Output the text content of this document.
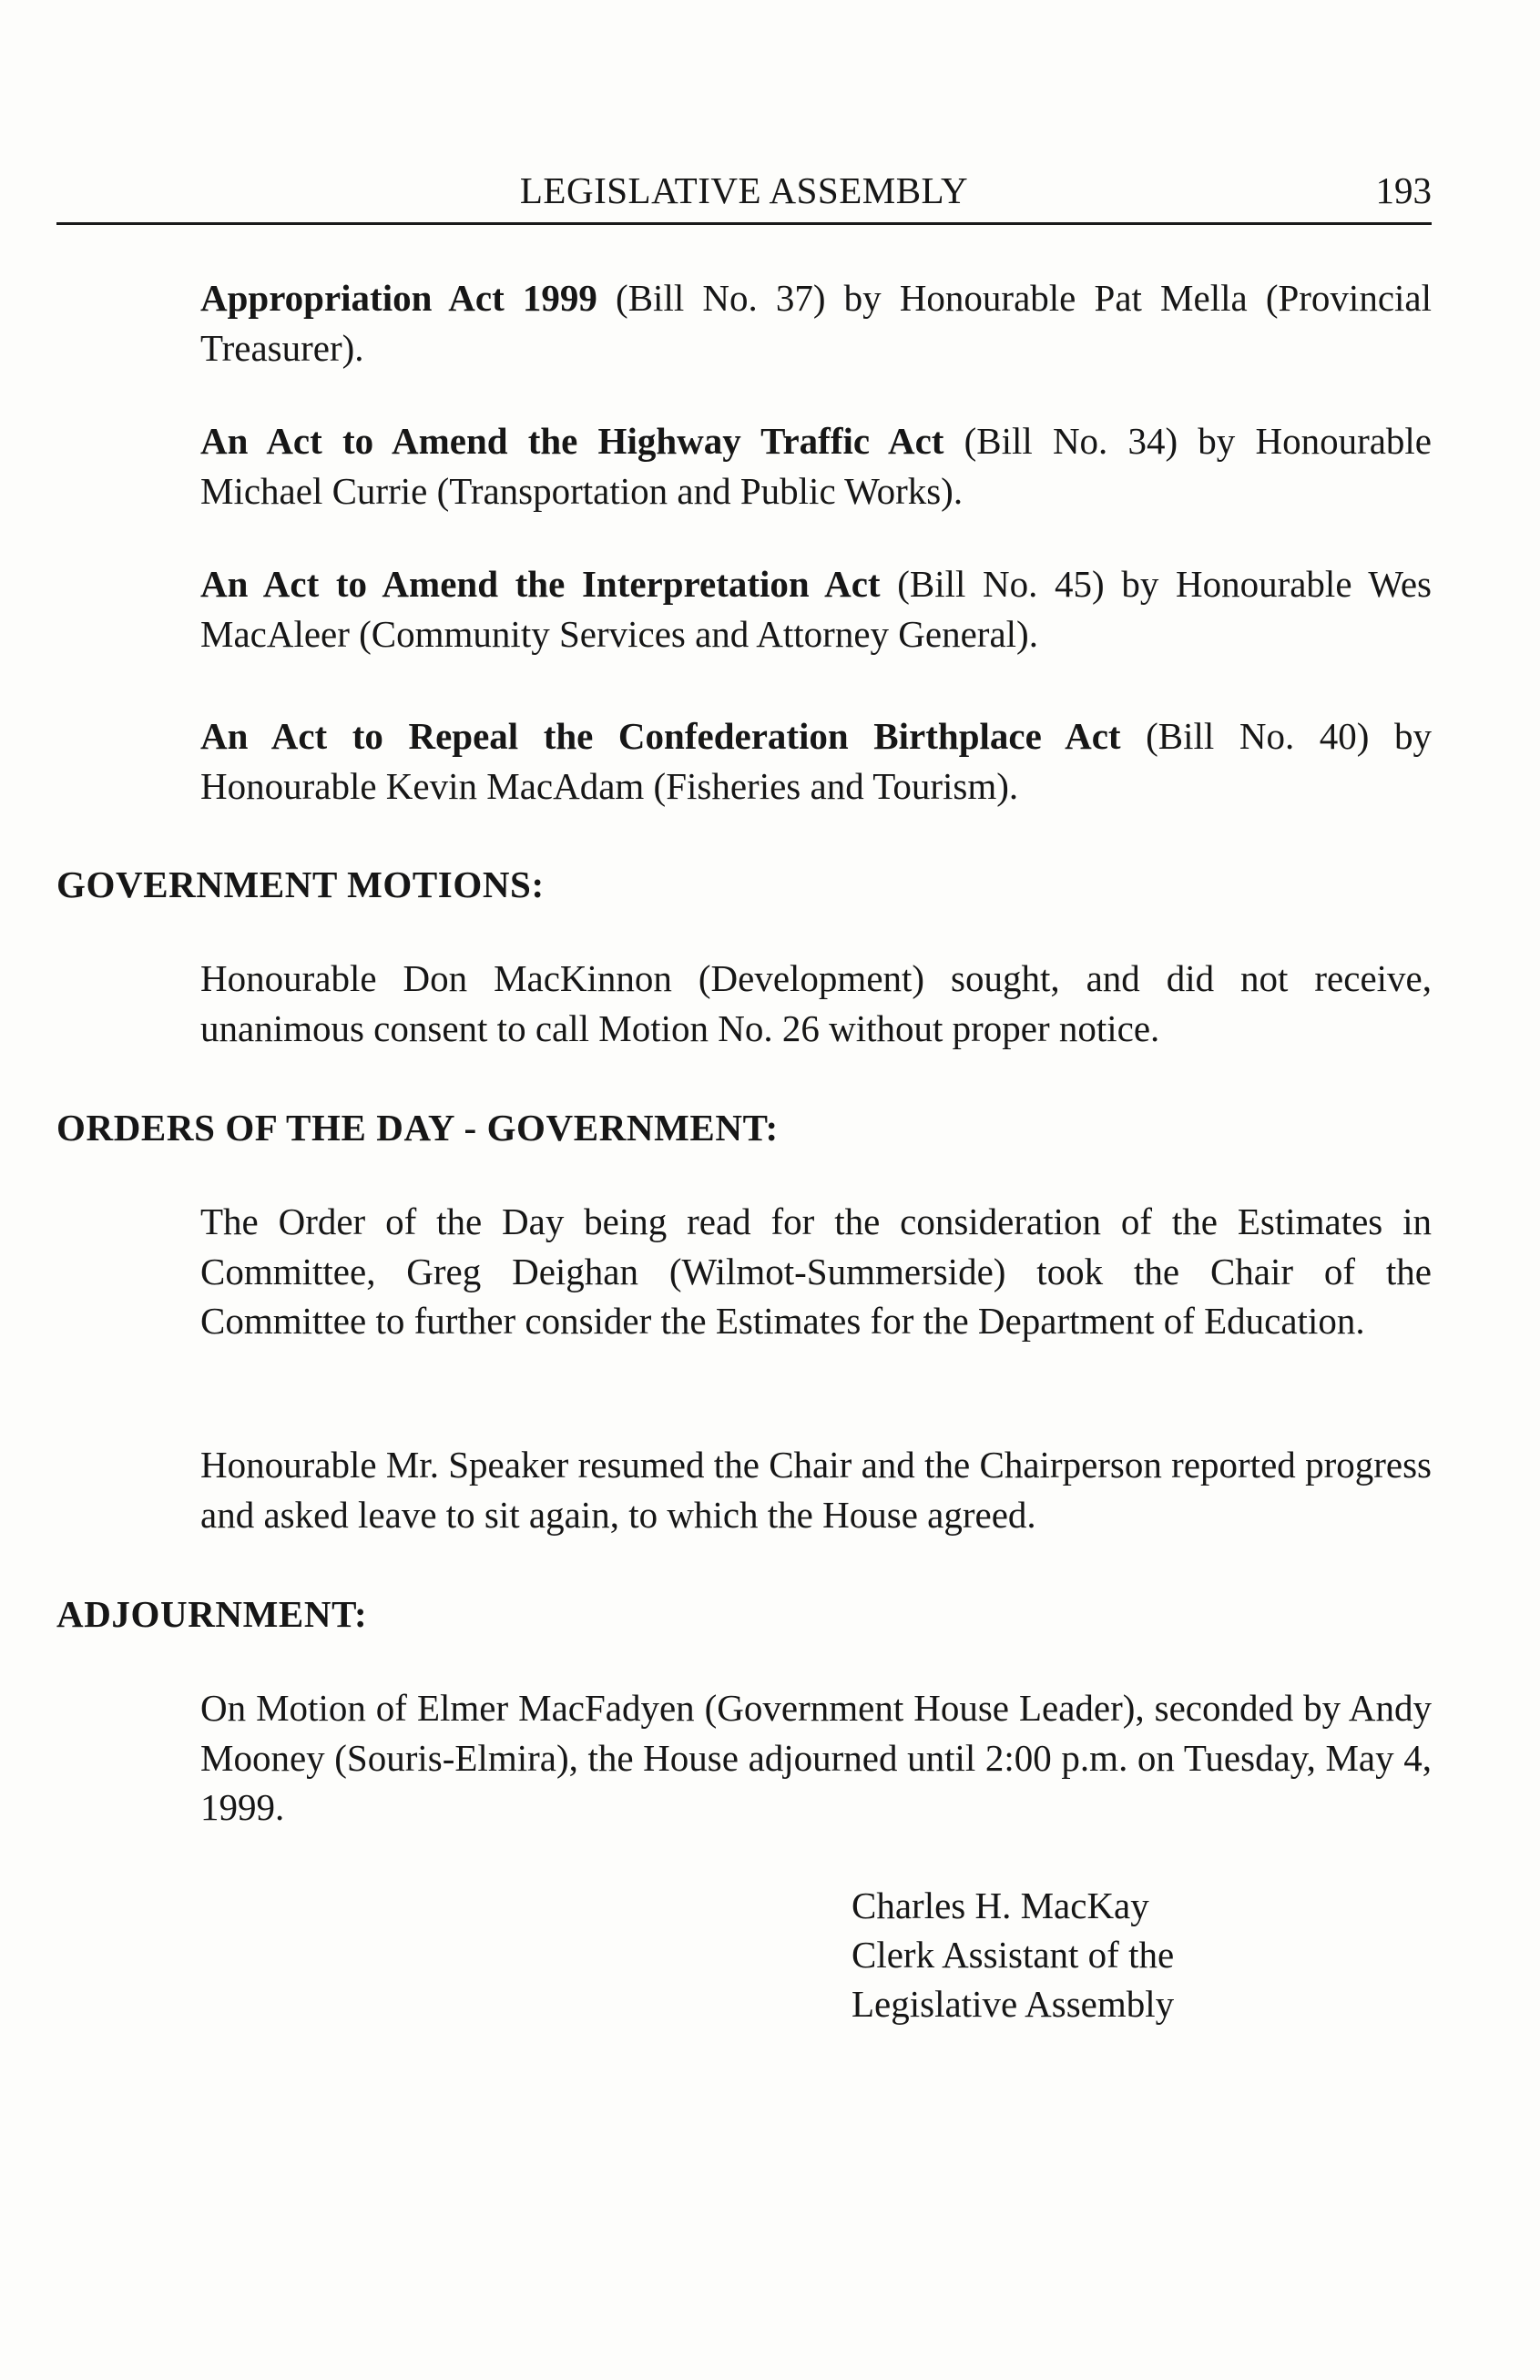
LEGISLATIVE ASSEMBLY	193

Appropriation Act 1999 (Bill No. 37) by Honourable Pat Mella (Provincial Treasurer).

An Act to Amend the Highway Traffic Act (Bill No. 34) by Honourable Michael Currie (Transportation and Public Works).

An Act to Amend the Interpretation Act (Bill No. 45) by Honourable Wes MacAleer (Community Services and Attorney General).

An Act to Repeal the Confederation Birthplace Act (Bill No. 40) by Honourable Kevin MacAdam (Fisheries and Tourism).

GOVERNMENT MOTIONS:

Honourable Don MacKinnon (Development) sought, and did not receive, unanimous consent to call Motion No. 26 without proper notice.

ORDERS OF THE DAY - GOVERNMENT:

The Order of the Day being read for the consideration of the Estimates in Committee, Greg Deighan (Wilmot-Summerside) took the Chair of the Committee to further consider the Estimates for the Department of Education.

Honourable Mr. Speaker resumed the Chair and the Chairperson reported progress and asked leave to sit again, to which the House agreed.

ADJOURNMENT:

On Motion of Elmer MacFadyen (Government House Leader), seconded by Andy Mooney (Souris-Elmira), the House adjourned until 2:00 p.m. on Tuesday, May 4, 1999.

Charles H. MacKay

Clerk Assistant of the

Legislative Assembly
